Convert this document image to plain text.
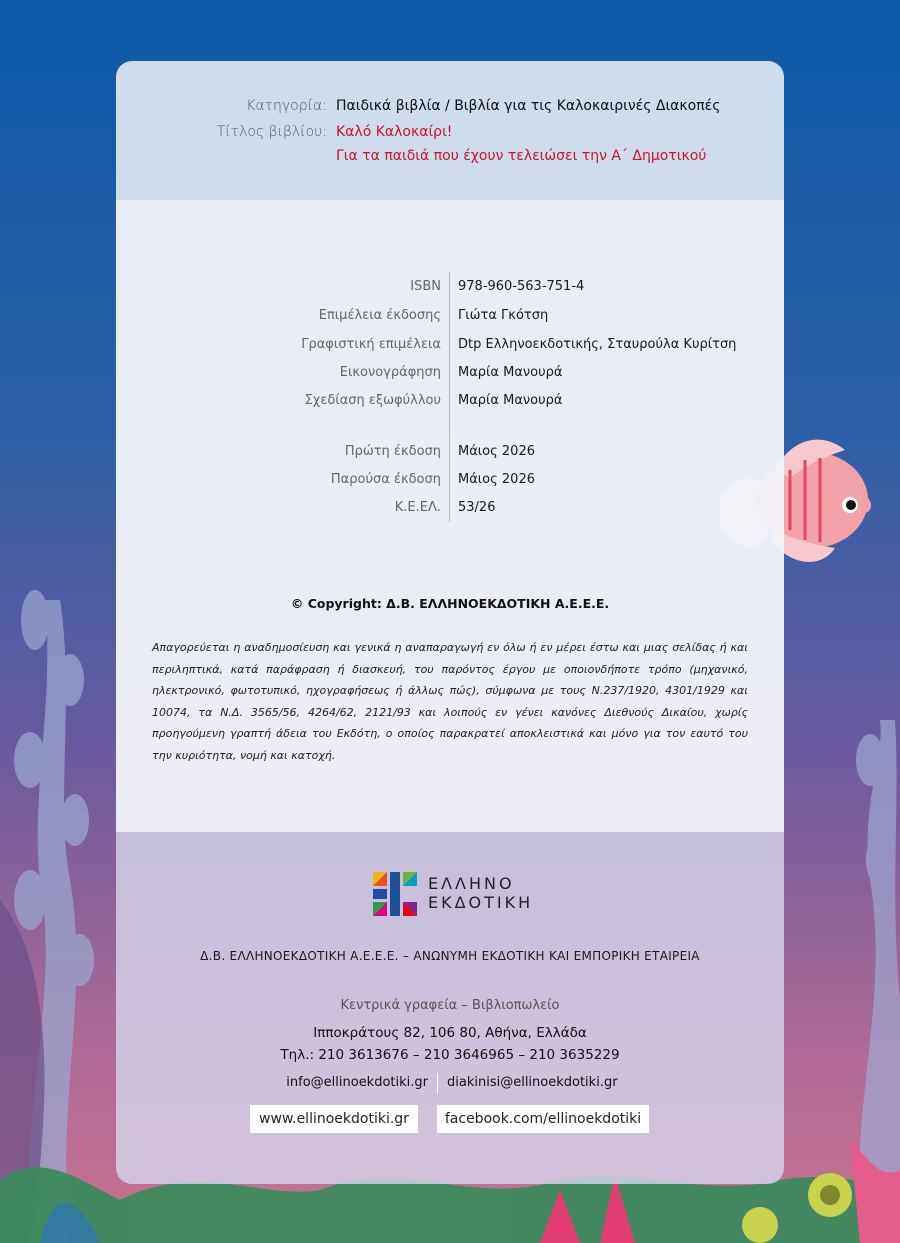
Κατηγορία: Παιδικά βιβλία / Βιβλία για τις Καλοκαιρινές Διακοπές
Τίτλος βιβλίου: Καλό Καλοκαίρι!
Για τα παιδιά που έχουν τελειώσει την Α΄ Δημοτικού
ISBN 978-960-563-751-4
Επιμέλεια έκδοσης Γιώτα Γκότση
Γραφιστική επιμέλεια Dtp Ελληνοεκδοτικής, Σταυρούλα Κυρίτση
Εικονογράφηση Μαρία Μανουρά
Σχεδίαση εξωφύλλου Μαρία Μανουρά
Πρώτη έκδοση Μάιος 2026
Παρούσα έκδοση Μάιος 2026
Κ.Ε.ΕΛ. 53/26
© Copyright: Δ.Β. ΕΛΛΗΝΟΕΚΔΟΤΙΚΗ Α.Ε.Ε.Ε.
Απαγορεύεται η αναδημοσίευση και γενικά η αναπαραγωγή εν όλω ή εν μέρει έστω και μιας σελίδας ή και περιληπτικά, κατά παράφραση ή διασκευή, του παρόντος έργου με οποιονδήποτε τρόπο (μηχανικό, ηλεκτρονικό, φωτοτυπικό, ηχογραφήσεως ή άλλως πώς), σύμφωνα με τους Ν.237/1920, 4301/1929 και 10074, τα Ν.Δ. 3565/56, 4264/62, 2121/93 και λοιπούς εν γένει κανόνες Διεθνούς Δικαίου, χωρίς προηγούμενη γραπτή άδεια του Εκδότη, ο οποίος παρακρατεί αποκλειστικά και μόνο για τον εαυτό του την κυριότητα, νομή και κατοχή.
ΕΛΛΗΝΟ
ΕΚΔΟΤΙΚΗ
Δ.Β. ΕΛΛΗΝΟΕΚΔΟΤΙΚΗ Α.Ε.Ε.Ε. – ΑΝΩΝΥΜΗ ΕΚΔΟΤΙΚΗ ΚΑΙ ΕΜΠΟΡΙΚΗ ΕΤΑΙΡΕΙΑ
Κεντρικά γραφεία – Βιβλιοπωλείο
Ιπποκράτους 82, 106 80, Αθήνα, Ελλάδα
Τηλ.: 210 3613676 – 210 3646965 – 210 3635229
info@ellinoekdotiki.gr diakinisi@ellinoekdotiki.gr
www.ellinoekdotiki.gr	facebook.com/ellinoekdotiki
